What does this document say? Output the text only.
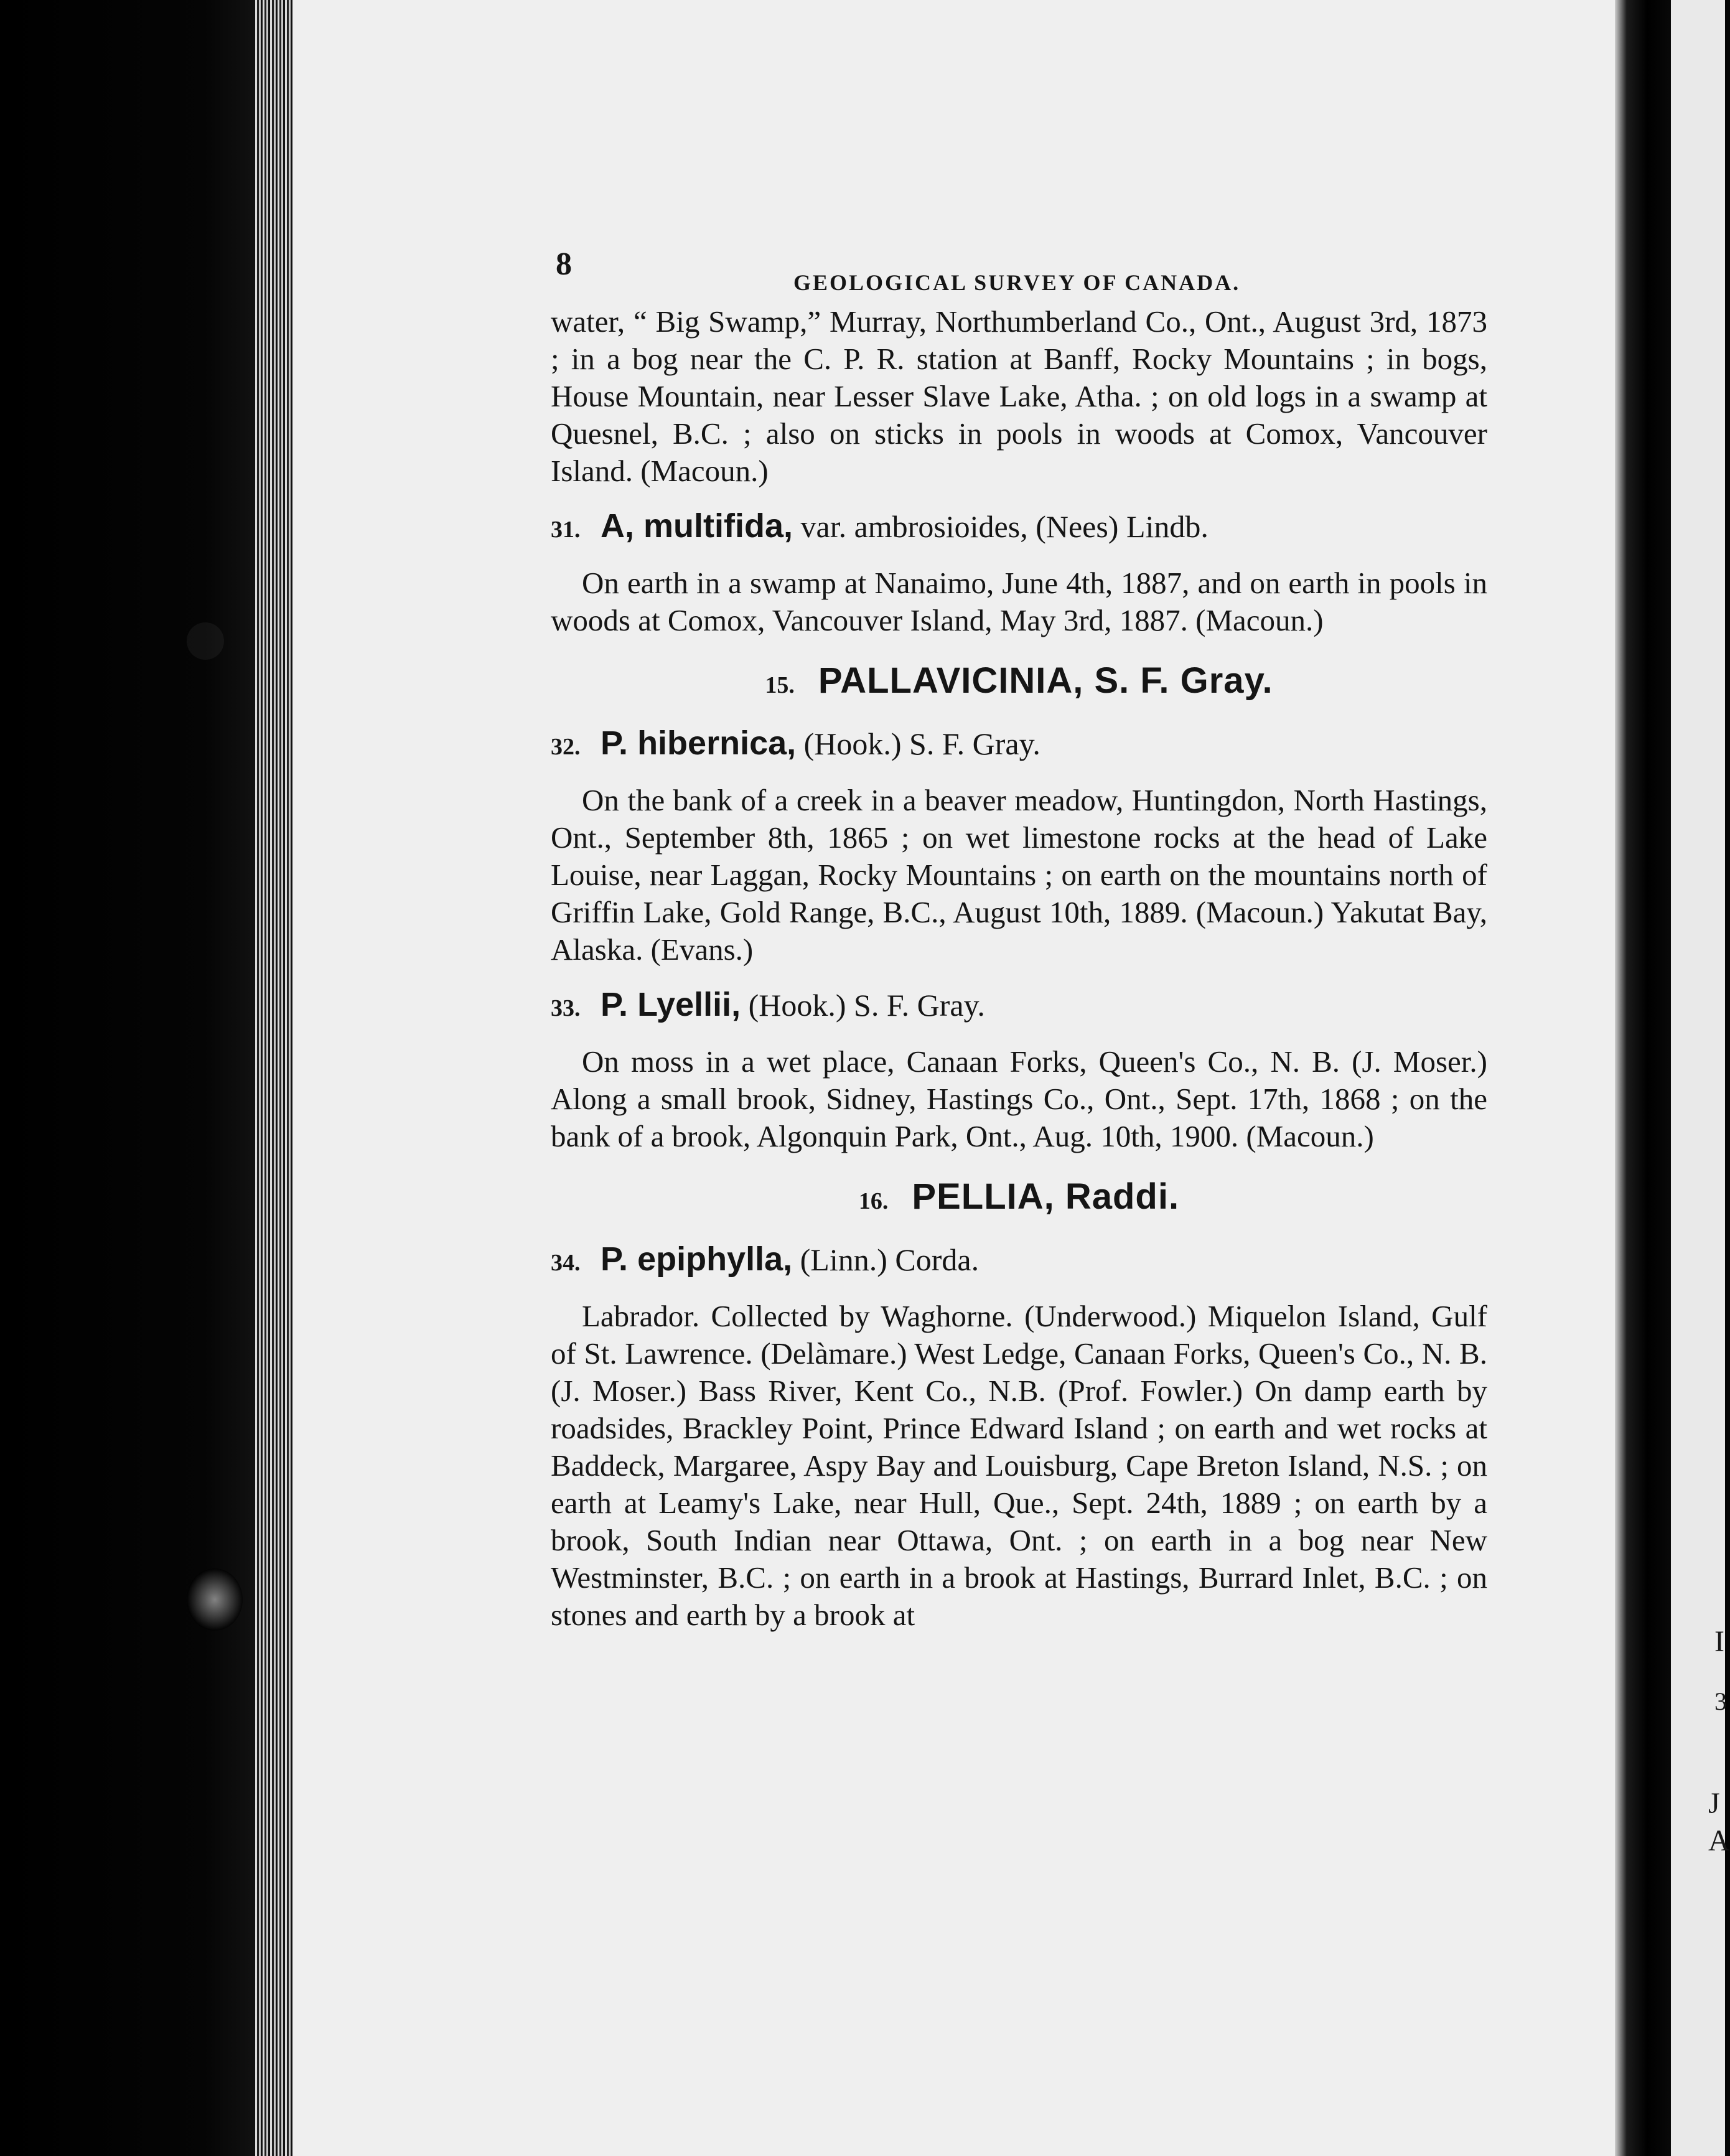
I
3
J
A
8
GEOLOGICAL SURVEY OF CANADA.

water, “ Big Swamp,” Murray, Northumberland Co., Ont., August 3rd, 1873 ; in a bog near the C. P. R. station at Banff, Rocky Mountains ; in bogs, House Mountain, near Lesser Slave Lake, Atha. ; on old logs in a swamp at Quesnel, B.C. ; also on sticks in pools in woods at Comox, Vancouver Island. (Macoun.)

31. A, multifida, var. ambrosioides, (Nees) Lindb.

On earth in a swamp at Nanaimo, June 4th, 1887, and on earth in pools in woods at Comox, Vancouver Island, May 3rd, 1887. (Macoun.)

15. PALLAVICINIA, S. F. Gray.
32. P. hibernica, (Hook.) S. F. Gray.

On the bank of a creek in a beaver meadow, Huntingdon, North Hastings, Ont., September 8th, 1865 ; on wet limestone rocks at the head of Lake Louise, near Laggan, Rocky Mountains ; on earth on the mountains north of Griffin Lake, Gold Range, B.C., August 10th, 1889. (Macoun.) Yakutat Bay, Alaska. (Evans.)

33. P. Lyellii, (Hook.) S. F. Gray.

On moss in a wet place, Canaan Forks, Queen's Co., N. B. (J. Moser.) Along a small brook, Sidney, Hastings Co., Ont., Sept. 17th, 1868 ; on the bank of a brook, Algonquin Park, Ont., Aug. 10th, 1900. (Macoun.)

16. PELLIA, Raddi.
34. P. epiphylla, (Linn.) Corda.

Labrador. Collected by Waghorne. (Underwood.) Miquelon Island, Gulf of St. Lawrence. (Delàmare.) West Ledge, Canaan Forks, Queen's Co., N. B. (J. Moser.) Bass River, Kent Co., N.B. (Prof. Fowler.) On damp earth by roadsides, Brackley Point, Prince Edward Island ; on earth and wet rocks at Baddeck, Margaree, Aspy Bay and Louisburg, Cape Breton Island, N.S. ; on earth at Leamy's Lake, near Hull, Que., Sept. 24th, 1889 ; on earth by a brook, South Indian near Ottawa, Ont. ; on earth in a bog near New Westminster, B.C. ; on earth in a brook at Hastings, Burrard Inlet, B.C. ; on stones and earth by a brook at
